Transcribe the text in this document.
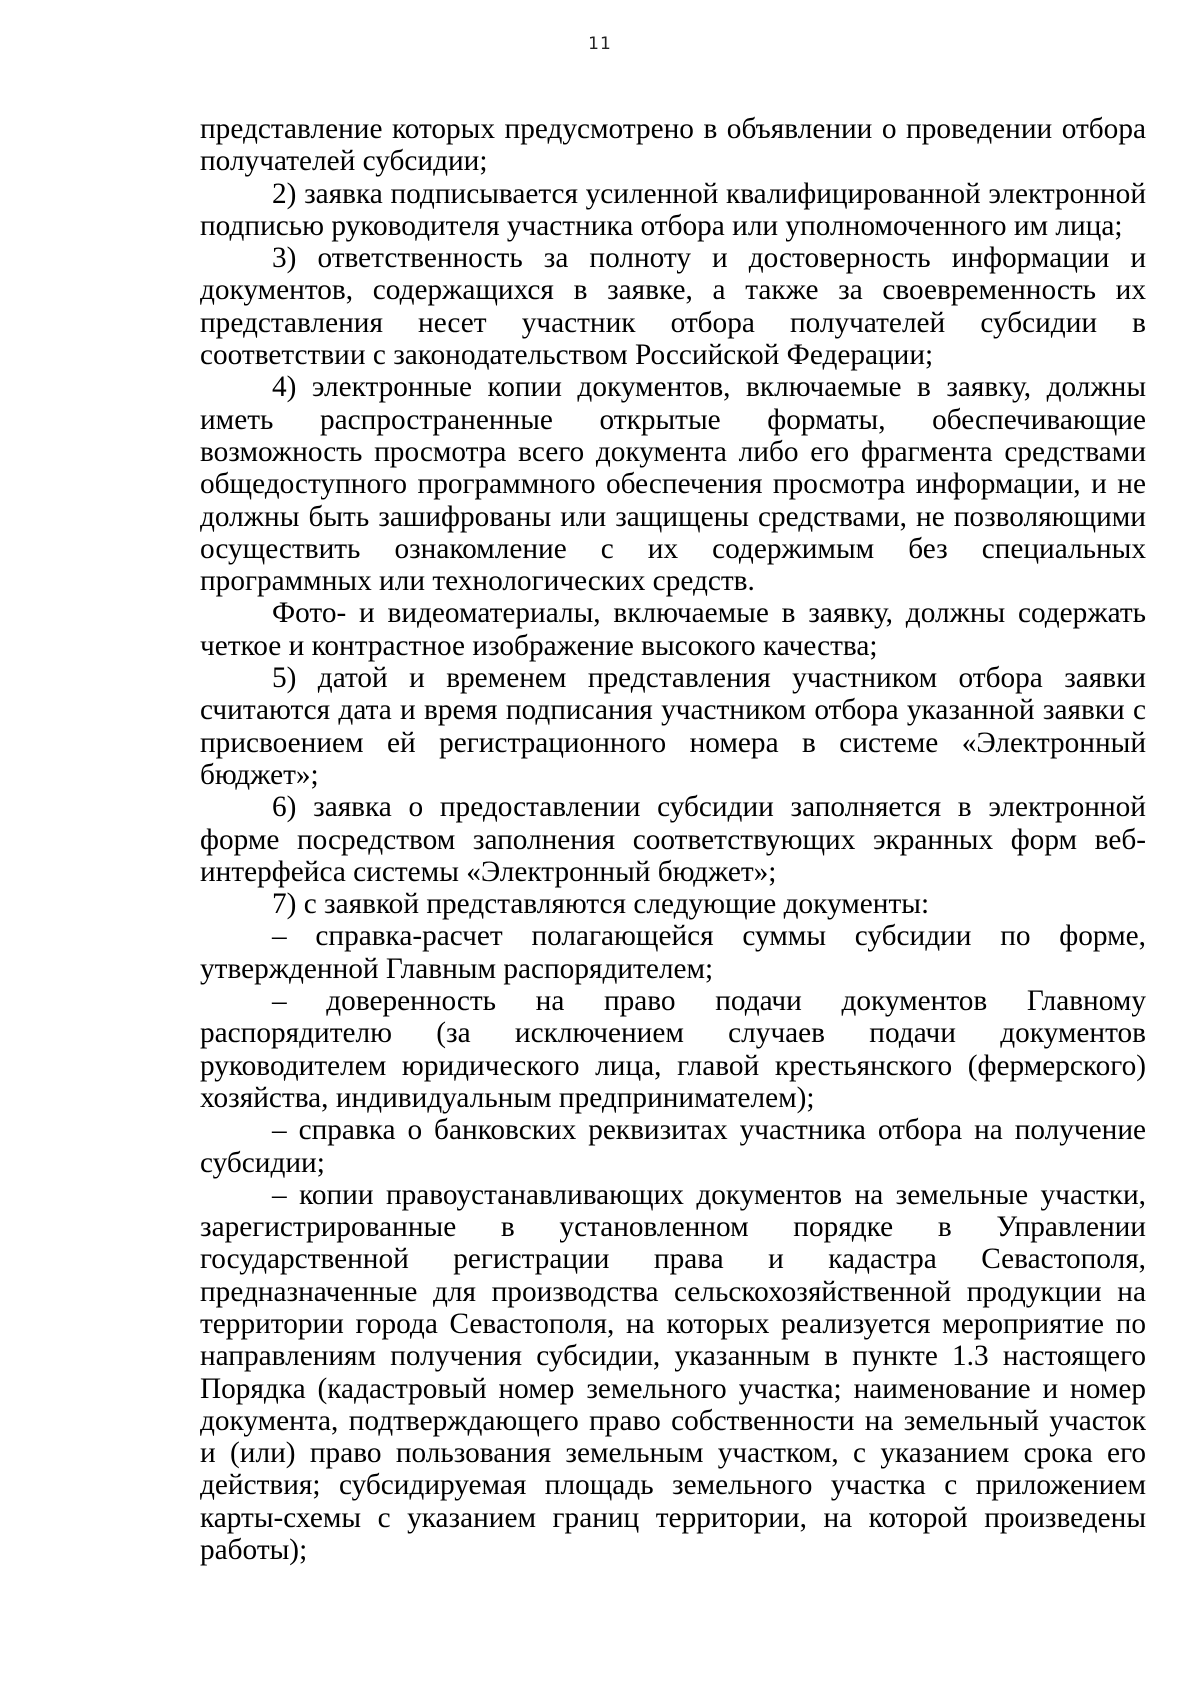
11

представление которых предусмотрено в объявлении о проведении отбора получателей субсидии;

2) заявка подписывается усиленной квалифицированной электронной подписью руководителя участника отбора или уполномоченного им лица;

3) ответственность за полноту и достоверность информации и документов, содержащихся в заявке, а также за своевременность их представления несет участник отбора получателей субсидии в соответствии с законодательством Российской Федерации;

4) электронные копии документов, включаемые в заявку, должны иметь распространенные открытые форматы, обеспечивающие возможность просмотра всего документа либо его фрагмента средствами общедоступного программного обеспечения просмотра информации, и не должны быть зашифрованы или защищены средствами, не позволяющими осуществить ознакомление с их содержимым без специальных программных или технологических средств.

Фото- и видеоматериалы, включаемые в заявку, должны содержать четкое и контрастное изображение высокого качества;

5) датой и временем представления участником отбора заявки считаются дата и время подписания участником отбора указанной заявки с присвоением ей регистрационного номера в системе «Электронный бюджет»;

6) заявка о предоставлении субсидии заполняется в электронной форме посредством заполнения соответствующих экранных форм веб-интерфейса системы «Электронный бюджет»;

7) с заявкой представляются следующие документы:

– справка-расчет полагающейся суммы субсидии по форме, утвержденной Главным распорядителем;

– доверенность на право подачи документов Главному распорядителю (за исключением случаев подачи документов руководителем юридического лица, главой крестьянского (фермерского) хозяйства, индивидуальным предпринимателем);

– справка о банковских реквизитах участника отбора на получение субсидии;

– копии правоустанавливающих документов на земельные участки, зарегистрированные в установленном порядке в Управлении государственной регистрации права и кадастра Севастополя, предназначенные для производства сельскохозяйственной продукции на территории города Севастополя, на которых реализуется мероприятие по направлениям получения субсидии, указанным в пункте 1.3 настоящего Порядка (кадастровый номер земельного участка; наименование и номер документа, подтверждающего право собственности на земельный участок и (или) право пользования земельным участком, с указанием срока его действия; субсидируемая площадь земельного участка с приложением карты-схемы с указанием границ территории, на которой произведены работы);
